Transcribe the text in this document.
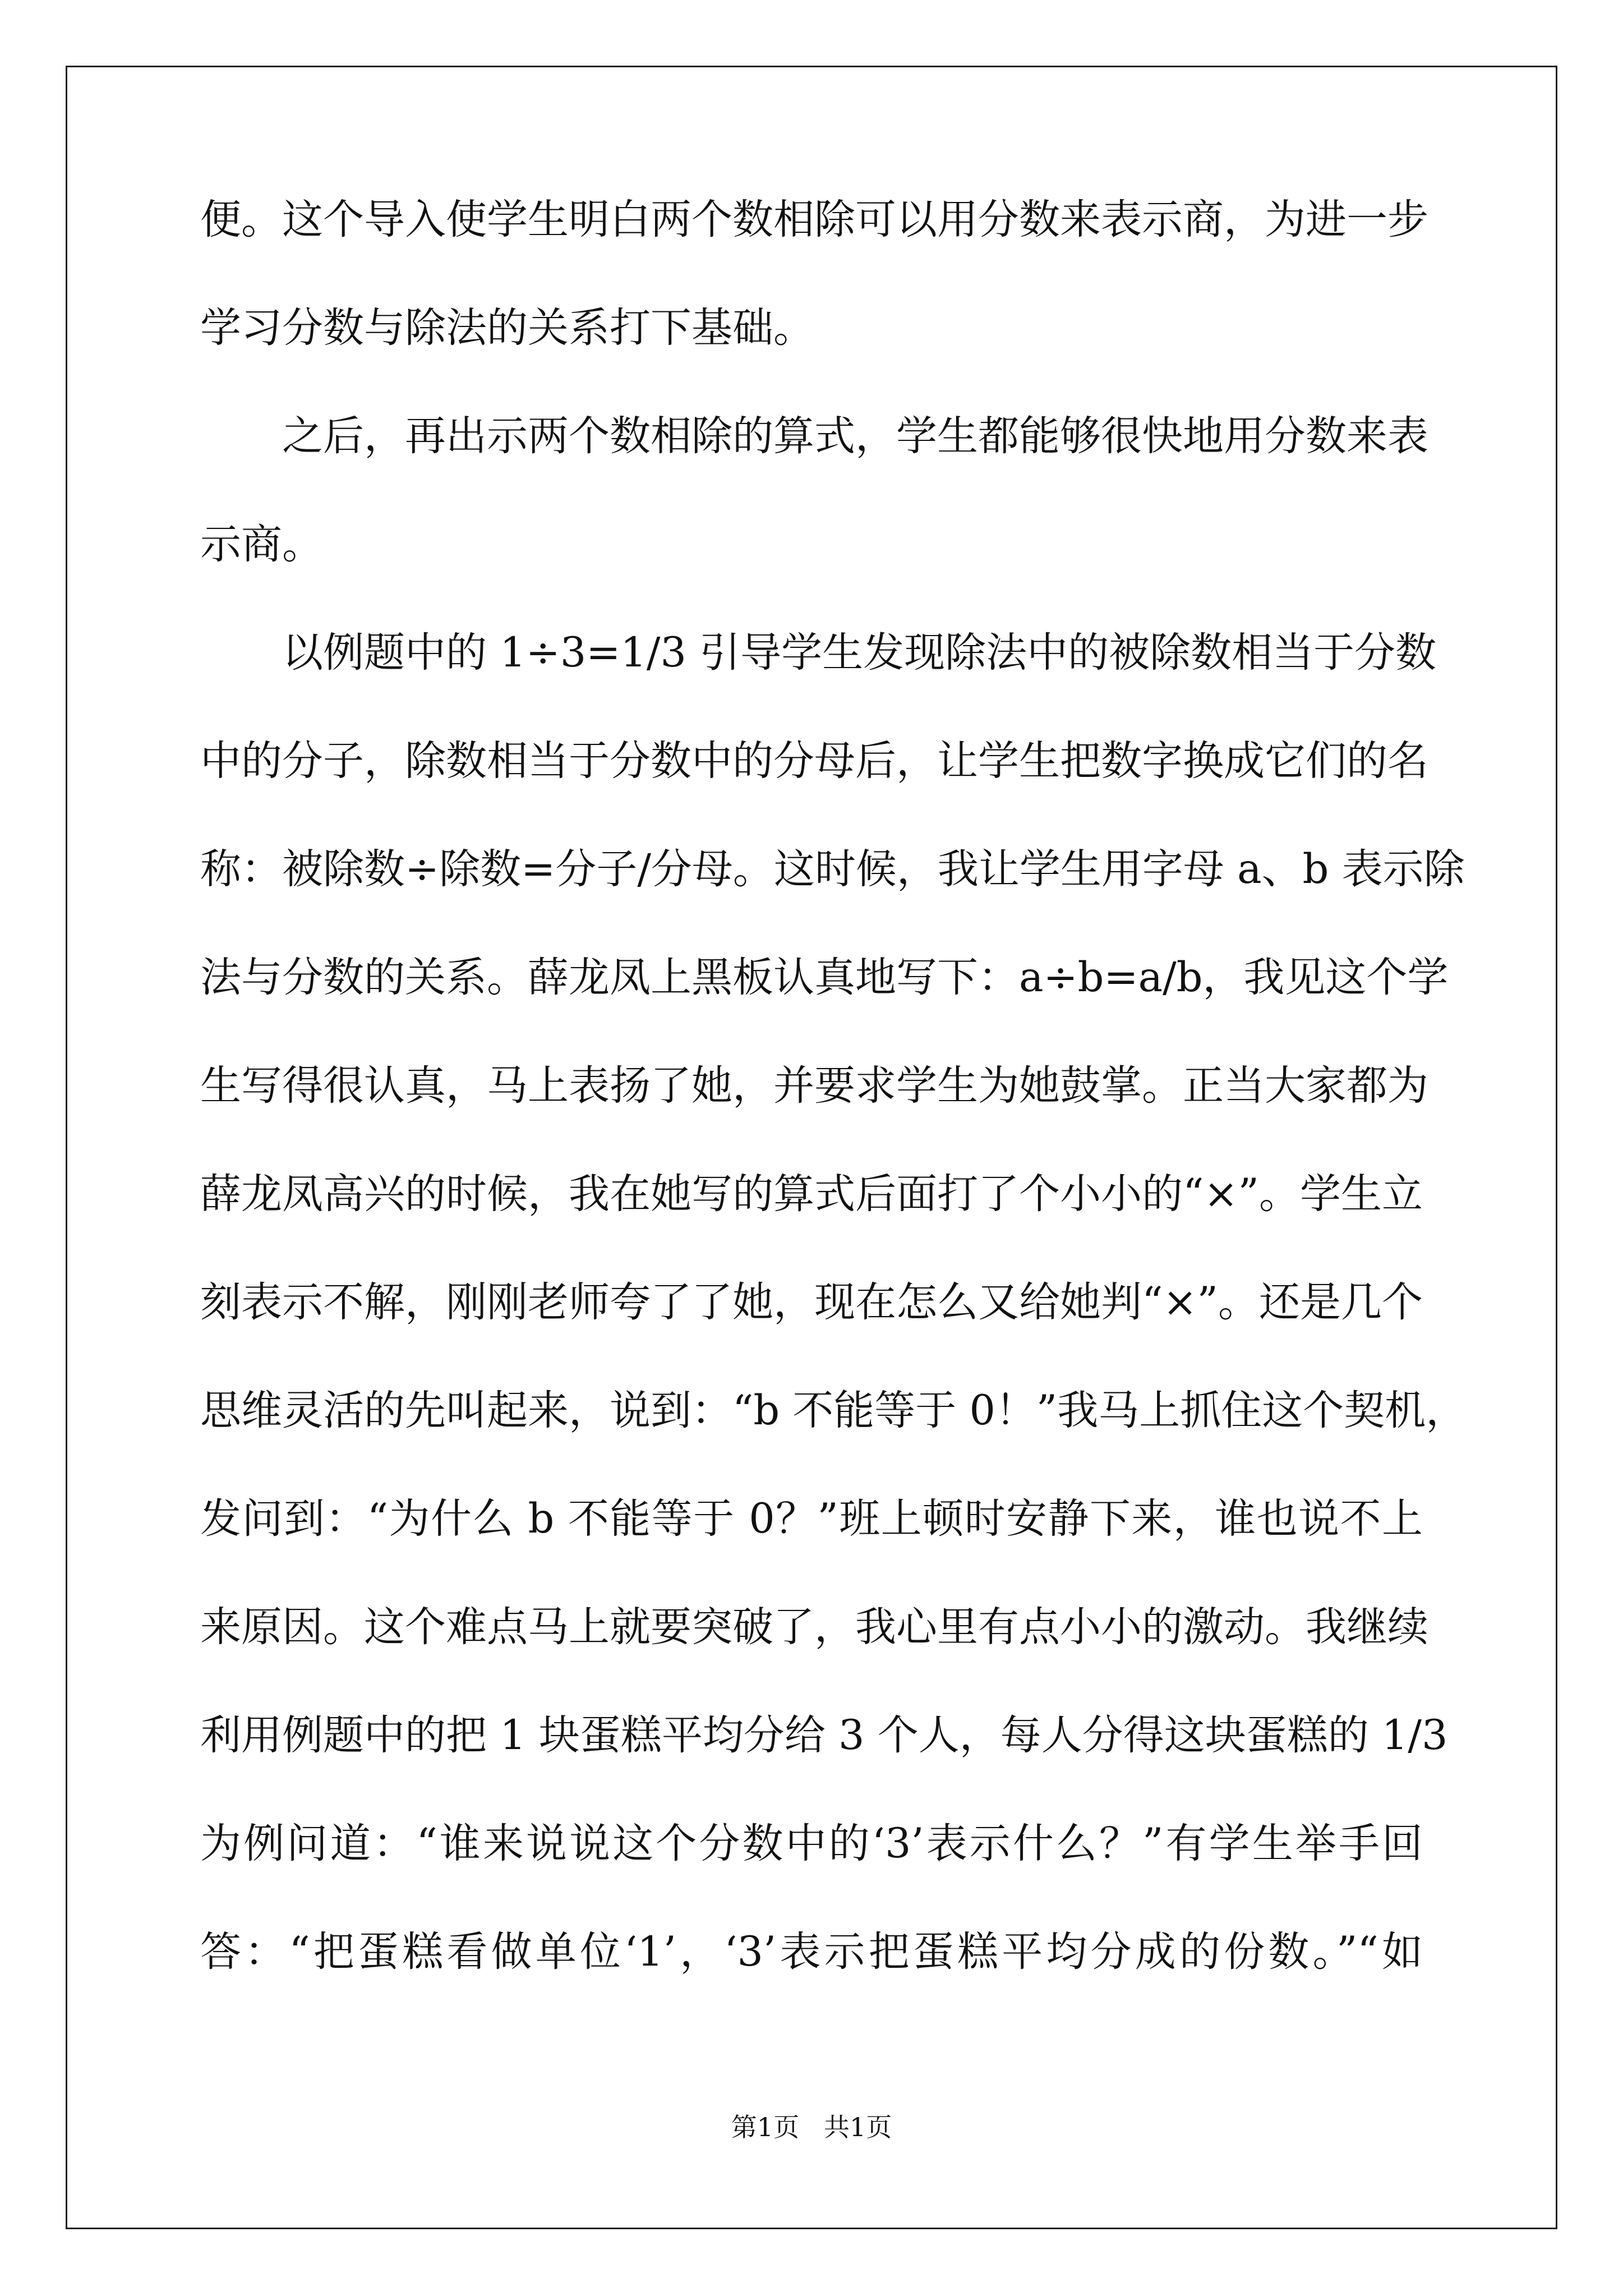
便。这个导入使学生明白两个数相除可以用分数来表示商，为进一步
学习分数与除法的关系打下基础。
之后，再出示两个数相除的算式，学生都能够很快地用分数来表
示商。
以例题中的 1÷3=1/3 引导学生发现除法中的被除数相当于分数
中的分子，除数相当于分数中的分母后，让学生把数字换成它们的名
称：被除数÷除数=分子/分母。这时候，我让学生用字母 a、b 表示除
法与分数的关系。薛龙凤上黑板认真地写下：a÷b=a/b，我见这个学
生写得很认真，马上表扬了她，并要求学生为她鼓掌。正当大家都为
薛龙凤高兴的时候，我在她写的算式后面打了个小小的“×”。学生立
刻表示不解，刚刚老师夸了了她，现在怎么又给她判“×”。还是几个
思维灵活的先叫起来，说到：“b 不能等于 0！”我马上抓住这个契机，
发问到：“为什么 b 不能等于 0？”班上顿时安静下来，谁也说不上
来原因。这个难点马上就要突破了，我心里有点小小的激动。我继续
利用例题中的把 1 块蛋糕平均分给 3 个人，每人分得这块蛋糕的 1/3
为例问道：“谁来说说这个分数中的‘3’表示什么？”有学生举手回
答：“把蛋糕看做单位‘1’，‘3’表示把蛋糕平均分成的份数。”“如
第1页   共1页
